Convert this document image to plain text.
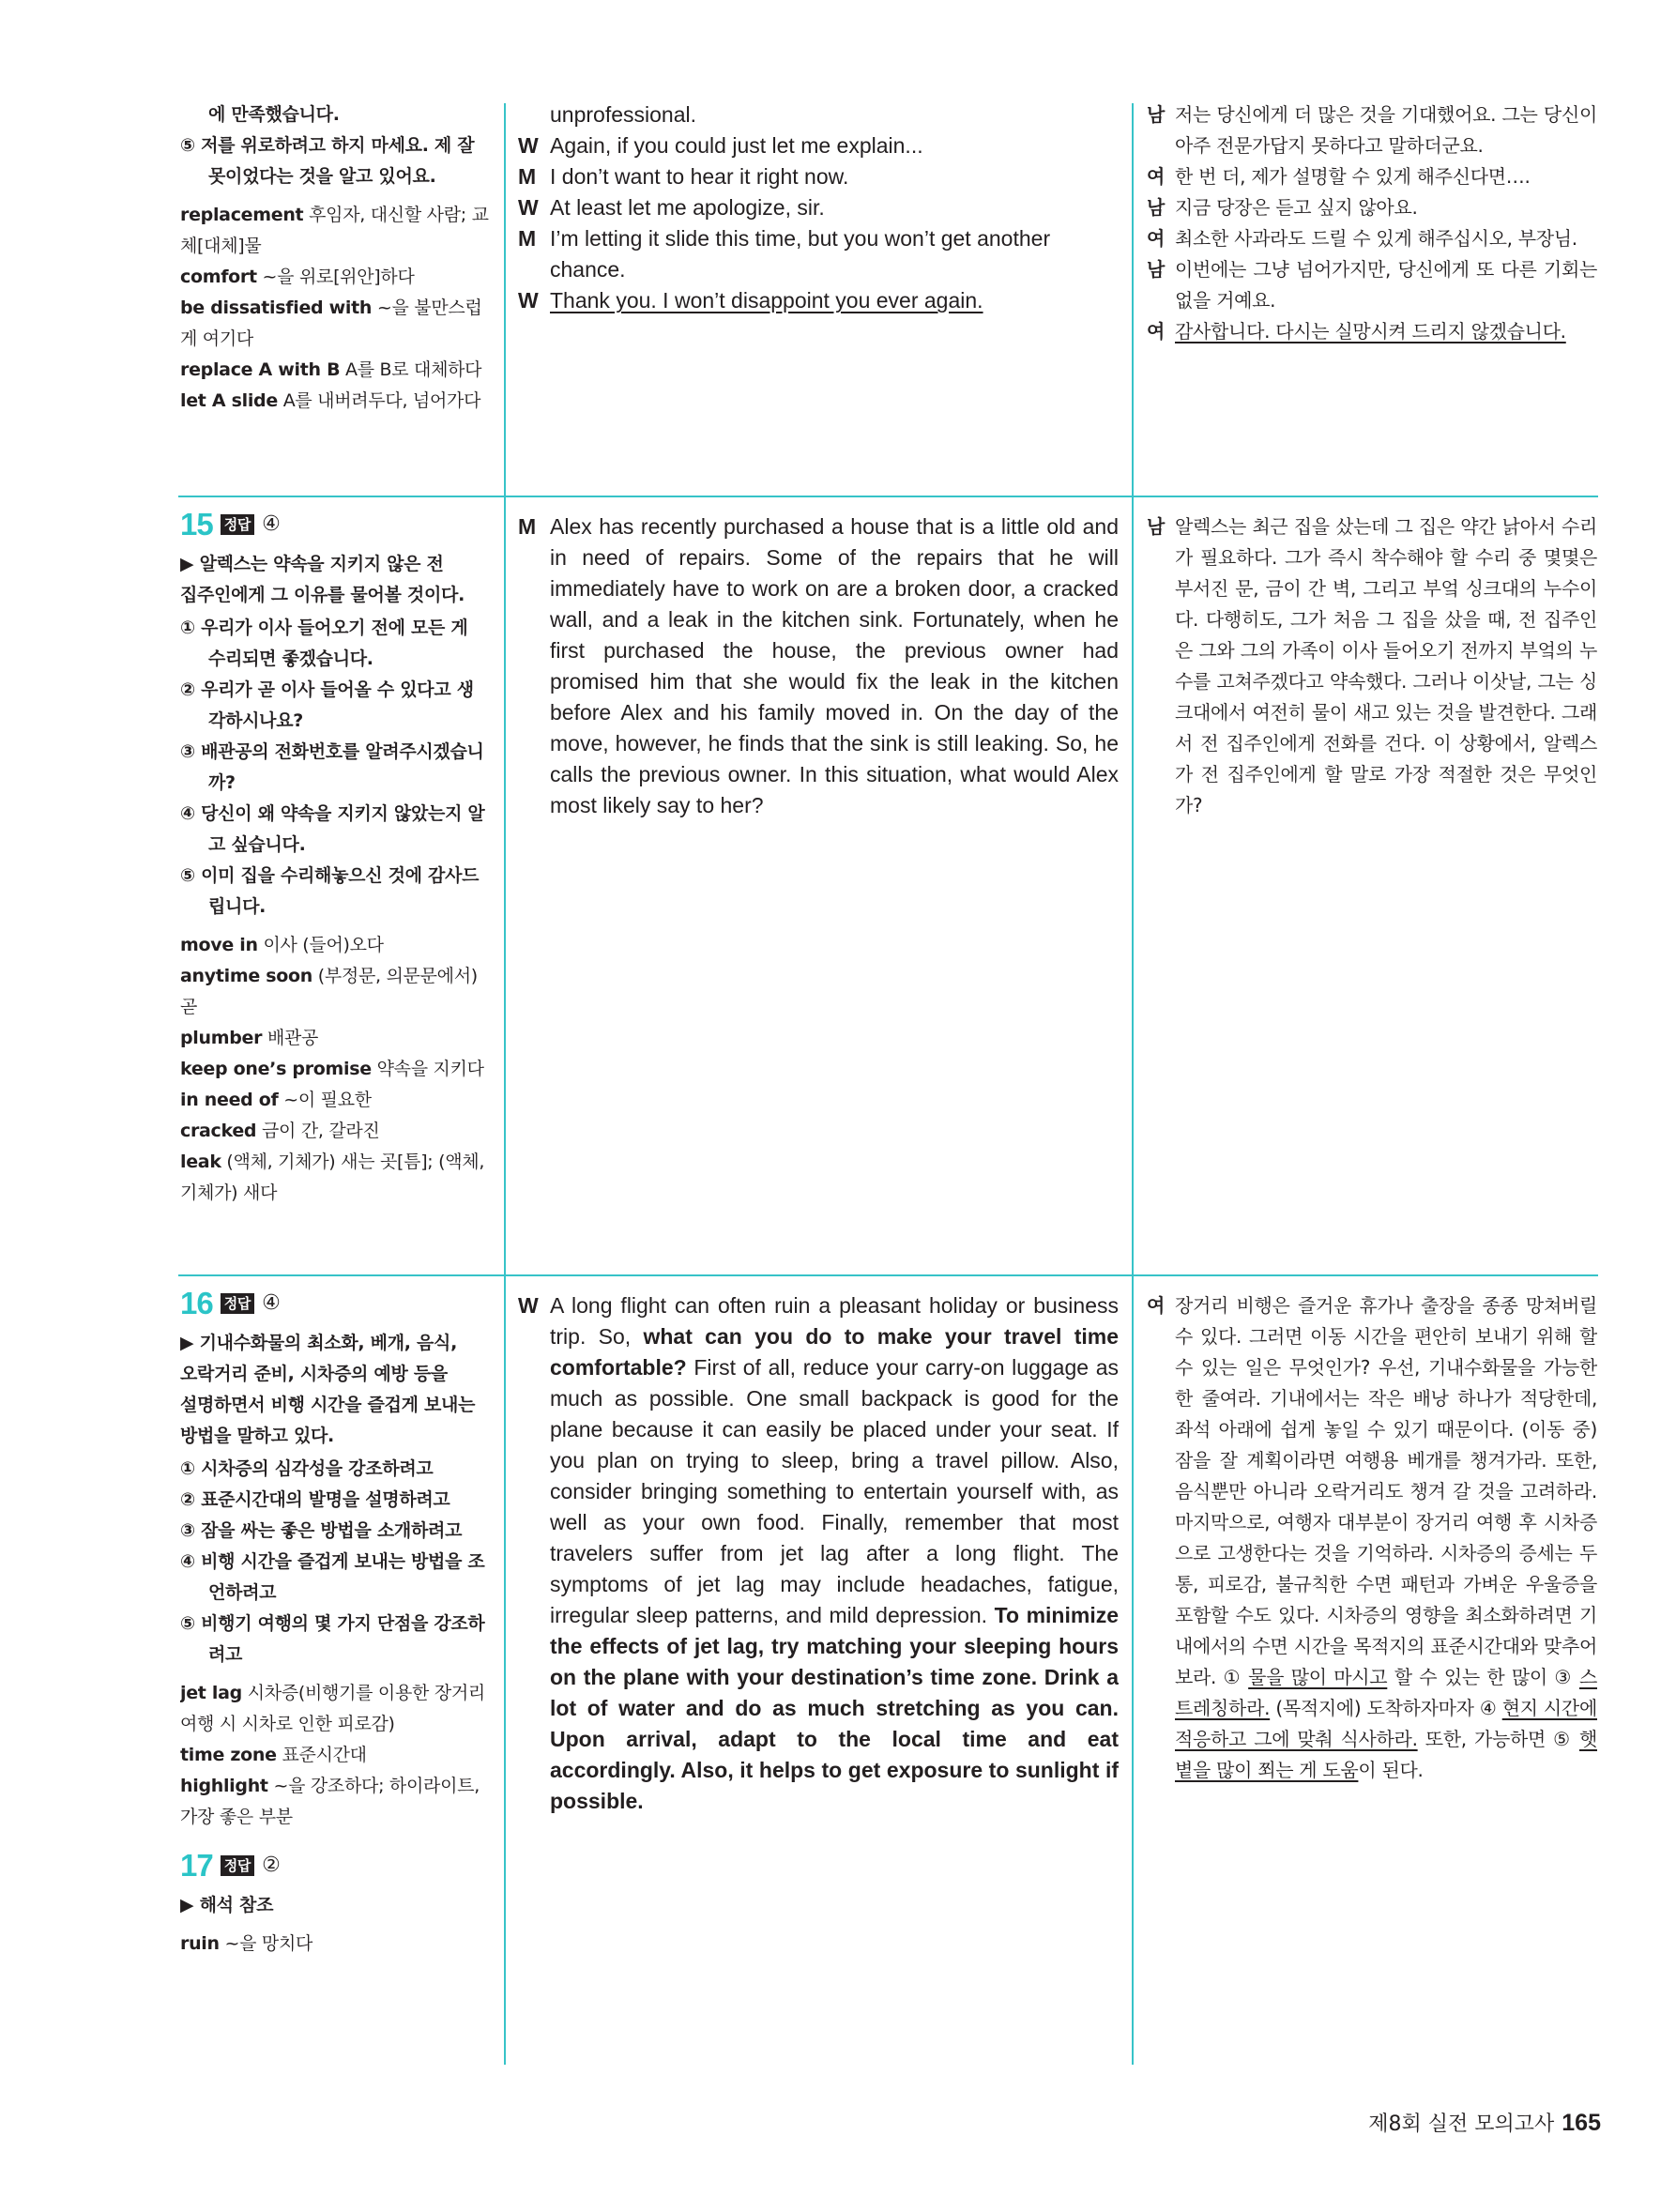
에 만족했습니다.

⑤ 저를 위로하려고 하지 마세요. 제 잘못이었다는 것을 알고 있어요.

replacement 후임자, 대신할 사람; 교체[대체]물

comfort ~을 위로[위안]하다

be dissatisfied with ~을 불만스럽게 여기다

replace A with B A를 B로 대체하다

let A slide A를 내버려두다, 넘어가다

unprofessional.
W Again, if you could just let me explain...
M I don’t want to hear it right now.
W At least let me apologize, sir.
M I’m letting it slide this time, but you won’t get another chance.
W Thank you. I won’t disappoint you ever again.
남 저는 당신에게 더 많은 것을 기대했어요. 그는 당신이 아주 전문가답지 못하다고 말하더군요.
여 한 번 더, 제가 설명할 수 있게 해주신다면….
남 지금 당장은 듣고 싶지 않아요.
여 최소한 사과라도 드릴 수 있게 해주십시오, 부장님.
남 이번에는 그냥 넘어가지만, 당신에게 또 다른 기회는 없을 거예요.
여 감사합니다. 다시는 실망시켜 드리지 않겠습니다.
15 정답 ④

▶ 알렉스는 약속을 지키지 않은 전 집주인에게 그 이유를 물어볼 것이다.

① 우리가 이사 들어오기 전에 모든 게 수리되면 좋겠습니다.

② 우리가 곧 이사 들어올 수 있다고 생각하시나요?

③ 배관공의 전화번호를 알려주시겠습니까?

④ 당신이 왜 약속을 지키지 않았는지 알고 싶습니다.

⑤ 이미 집을 수리해놓으신 것에 감사드립니다.

move in 이사 (들어)오다

anytime soon (부정문, 의문문에서) 곧

plumber 배관공

keep one’s promise 약속을 지키다

in need of ~이 필요한

cracked 금이 간, 갈라진

leak (액체, 기체가) 새는 곳[틈]; (액체, 기체가) 새다

M Alex has recently purchased a house that is a little old and in need of repairs. Some of the repairs that he will immediately have to work on are a broken door, a cracked wall, and a leak in the kitchen sink. Fortunately, when he first purchased the house, the previous owner had promised him that she would fix the leak in the kitchen before Alex and his family moved in. On the day of the move, however, he finds that the sink is still leaking. So, he calls the previous owner. In this situation, what would Alex most likely say to her?
남 알렉스는 최근 집을 샀는데 그 집은 약간 낡아서 수리가 필요하다. 그가 즉시 착수해야 할 수리 중 몇몇은 부서진 문, 금이 간 벽, 그리고 부엌 싱크대의 누수이다. 다행히도, 그가 처음 그 집을 샀을 때, 전 집주인은 그와 그의 가족이 이사 들어오기 전까지 부엌의 누수를 고쳐주겠다고 약속했다. 그러나 이삿날, 그는 싱크대에서 여전히 물이 새고 있는 것을 발견한다. 그래서 전 집주인에게 전화를 건다. 이 상황에서, 알렉스가 전 집주인에게 할 말로 가장 적절한 것은 무엇인가?
16 정답 ④

▶ 기내수화물의 최소화, 베개, 음식, 오락거리 준비, 시차증의 예방 등을 설명하면서 비행 시간을 즐겁게 보내는 방법을 말하고 있다.

① 시차증의 심각성을 강조하려고

② 표준시간대의 발명을 설명하려고

③ 잠을 싸는 좋은 방법을 소개하려고

④ 비행 시간을 즐겁게 보내는 방법을 조언하려고

⑤ 비행기 여행의 몇 가지 단점을 강조하려고

jet lag 시차증(비행기를 이용한 장거리 여행 시 시차로 인한 피로감)

time zone 표준시간대

highlight ~을 강조하다; 하이라이트, 가장 좋은 부분

17 정답 ②

▶ 해석 참조

ruin ~을 망치다

W A long flight can often ruin a pleasant holiday or business trip. So, what can you do to make your travel time comfortable? First of all, reduce your carry-on luggage as much as possible. One small backpack is good for the plane because it can easily be placed under your seat. If you plan on trying to sleep, bring a travel pillow. Also, consider bringing something to entertain yourself with, as well as your own food. Finally, remember that most travelers suffer from jet lag after a long flight. The symptoms of jet lag may include headaches, fatigue, irregular sleep patterns, and mild depression. To minimize the effects of jet lag, try matching your sleeping hours on the plane with your destination’s time zone. Drink a lot of water and do as much stretching as you can. Upon arrival, adapt to the local time and eat accordingly. Also, it helps to get exposure to sunlight if possible.
여 장거리 비행은 즐거운 휴가나 출장을 종종 망쳐버릴 수 있다. 그러면 이동 시간을 편안히 보내기 위해 할 수 있는 일은 무엇인가? 우선, 기내수화물을 가능한 한 줄여라. 기내에서는 작은 배낭 하나가 적당한데, 좌석 아래에 쉽게 놓일 수 있기 때문이다. (이동 중) 잠을 잘 계획이라면 여행용 베개를 챙겨가라. 또한, 음식뿐만 아니라 오락거리도 챙겨 갈 것을 고려하라. 마지막으로, 여행자 대부분이 장거리 여행 후 시차증으로 고생한다는 것을 기억하라. 시차증의 증세는 두통, 피로감, 불규칙한 수면 패턴과 가벼운 우울증을 포함할 수도 있다. 시차증의 영향을 최소화하려면 기내에서의 수면 시간을 목적지의 표준시간대와 맞추어 보라. ① 물을 많이 마시고 할 수 있는 한 많이 ③ 스트레칭하라. (목적지에) 도착하자마자 ④ 현지 시간에 적응하고 그에 맞춰 식사하라. 또한, 가능하면 ⑤ 햇볕을 많이 쬐는 게 도움이 된다.
제8회 실전 모의고사 165
